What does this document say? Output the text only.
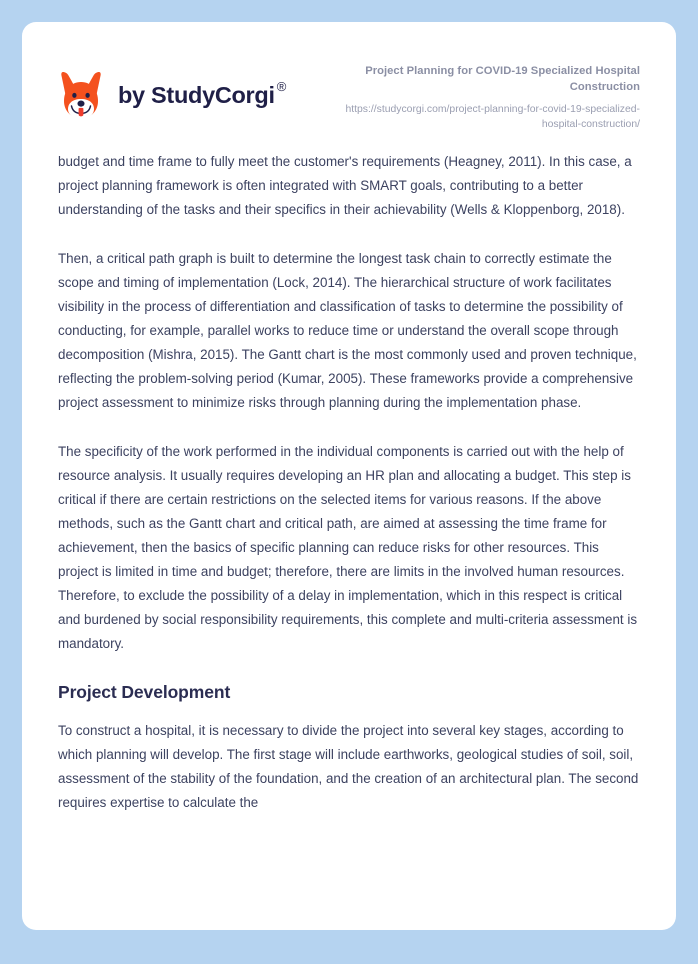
by StudyCorgi ®

Project Planning for COVID-19 Specialized Hospital Construction

https://studycorgi.com/project-planning-for-covid-19-specialized-hospital-construction/

budget and time frame to fully meet the customer's requirements (Heagney, 2011). In this case, a project planning framework is often integrated with SMART goals, contributing to a better understanding of the tasks and their specifics in their achievability (Wells & Kloppenborg, 2018).

Then, a critical path graph is built to determine the longest task chain to correctly estimate the scope and timing of implementation (Lock, 2014). The hierarchical structure of work facilitates visibility in the process of differentiation and classification of tasks to determine the possibility of conducting, for example, parallel works to reduce time or understand the overall scope through decomposition (Mishra, 2015). The Gantt chart is the most commonly used and proven technique, reflecting the problem-solving period (Kumar, 2005). These frameworks provide a comprehensive project assessment to minimize risks through planning during the implementation phase.

The specificity of the work performed in the individual components is carried out with the help of resource analysis. It usually requires developing an HR plan and allocating a budget. This step is critical if there are certain restrictions on the selected items for various reasons. If the above methods, such as the Gantt chart and critical path, are aimed at assessing the time frame for achievement, then the basics of specific planning can reduce risks for other resources. This project is limited in time and budget; therefore, there are limits in the involved human resources. Therefore, to exclude the possibility of a delay in implementation, which in this respect is critical and burdened by social responsibility requirements, this complete and multi-criteria assessment is mandatory.

Project Development

To construct a hospital, it is necessary to divide the project into several key stages, according to which planning will develop. The first stage will include earthworks, geological studies of soil, soil, assessment of the stability of the foundation, and the creation of an architectural plan. The second requires expertise to calculate the
